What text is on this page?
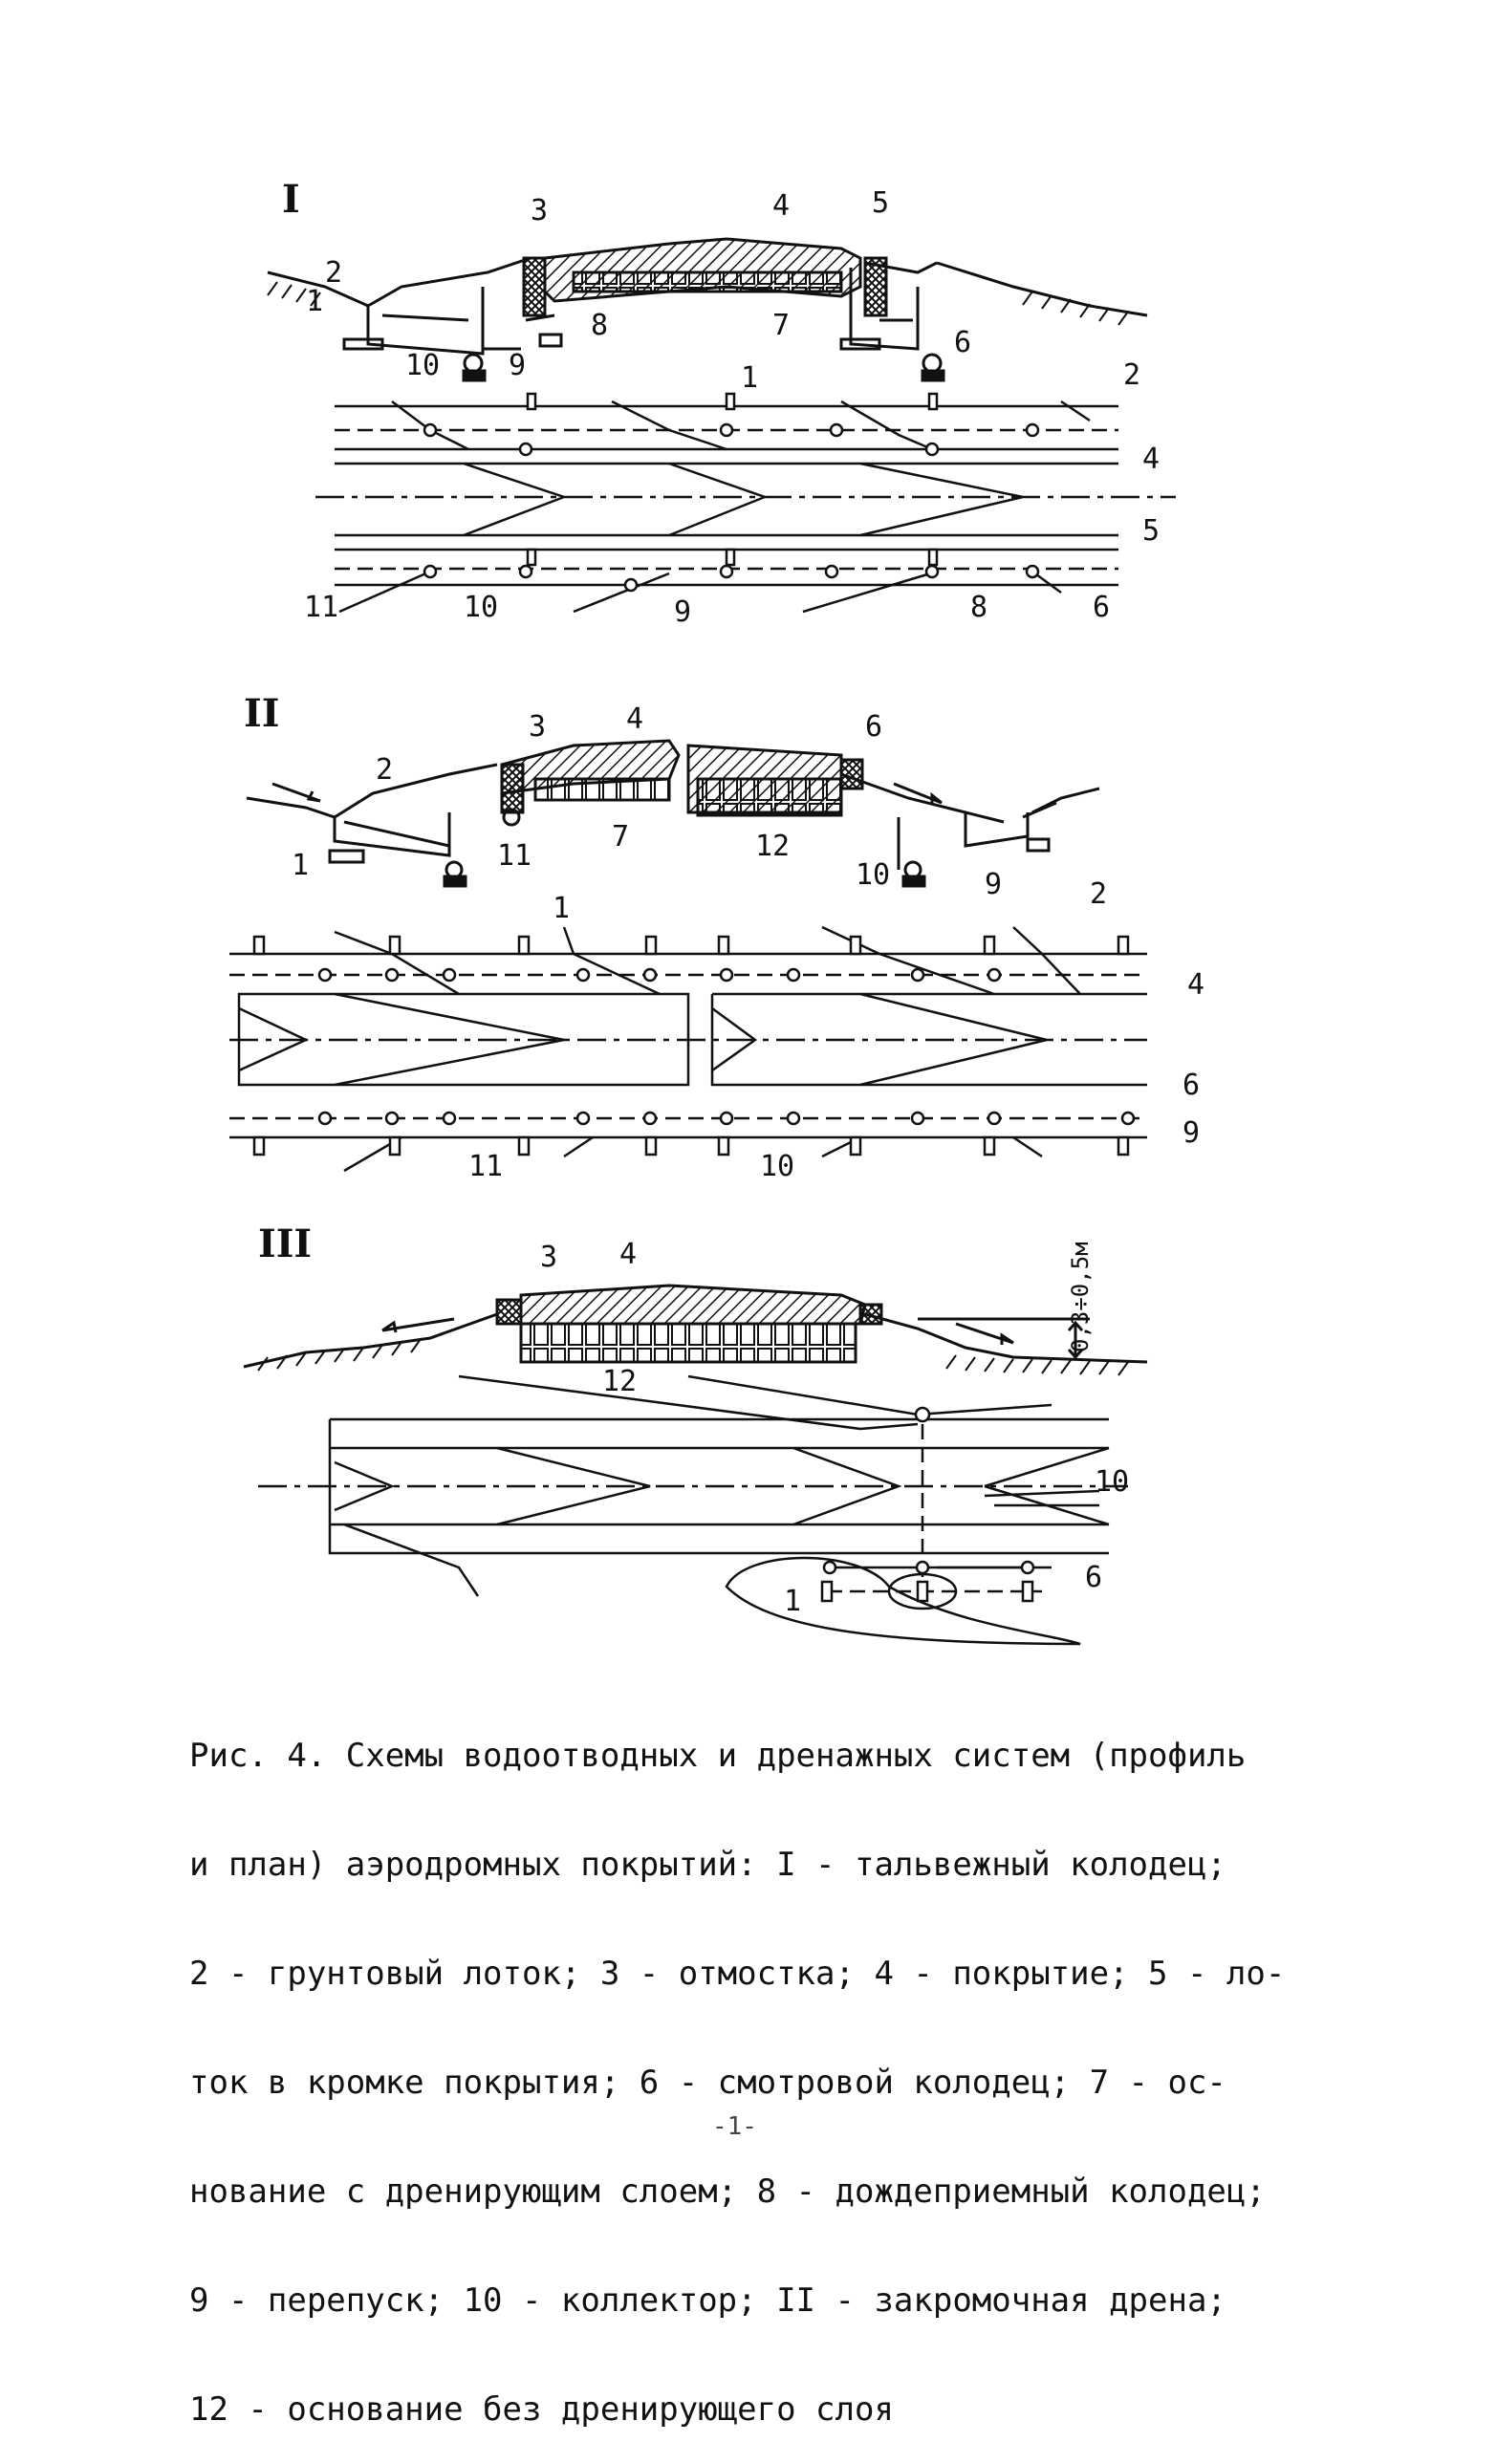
I
2
1
3	4	5
6
7
8
9
10	1	2
4
5
11	10	9	8	6
II
2
1
3	4	6
7
9
10
11	12
1	2
4
6
9
11	10
III	3 4
12
10
6
1
0,3÷0,5м

Рис. 4. Схемы водоотводных и дренажных систем (профиль

и план) аэродромных покрытий: I - тальвежный колодец;

2 - грунтовый лоток; 3 - отмостка; 4 - покрытие; 5 - ло-

ток в кромке покрытия; 6 - смотровой колодец; 7 - ос-

нование с дренирующим слоем; 8 - дождеприемный колодец;

9 - перепуск; 10 - коллектор; II - закромочная дрена;

12 - основание без дренирующего слоя

-1-
